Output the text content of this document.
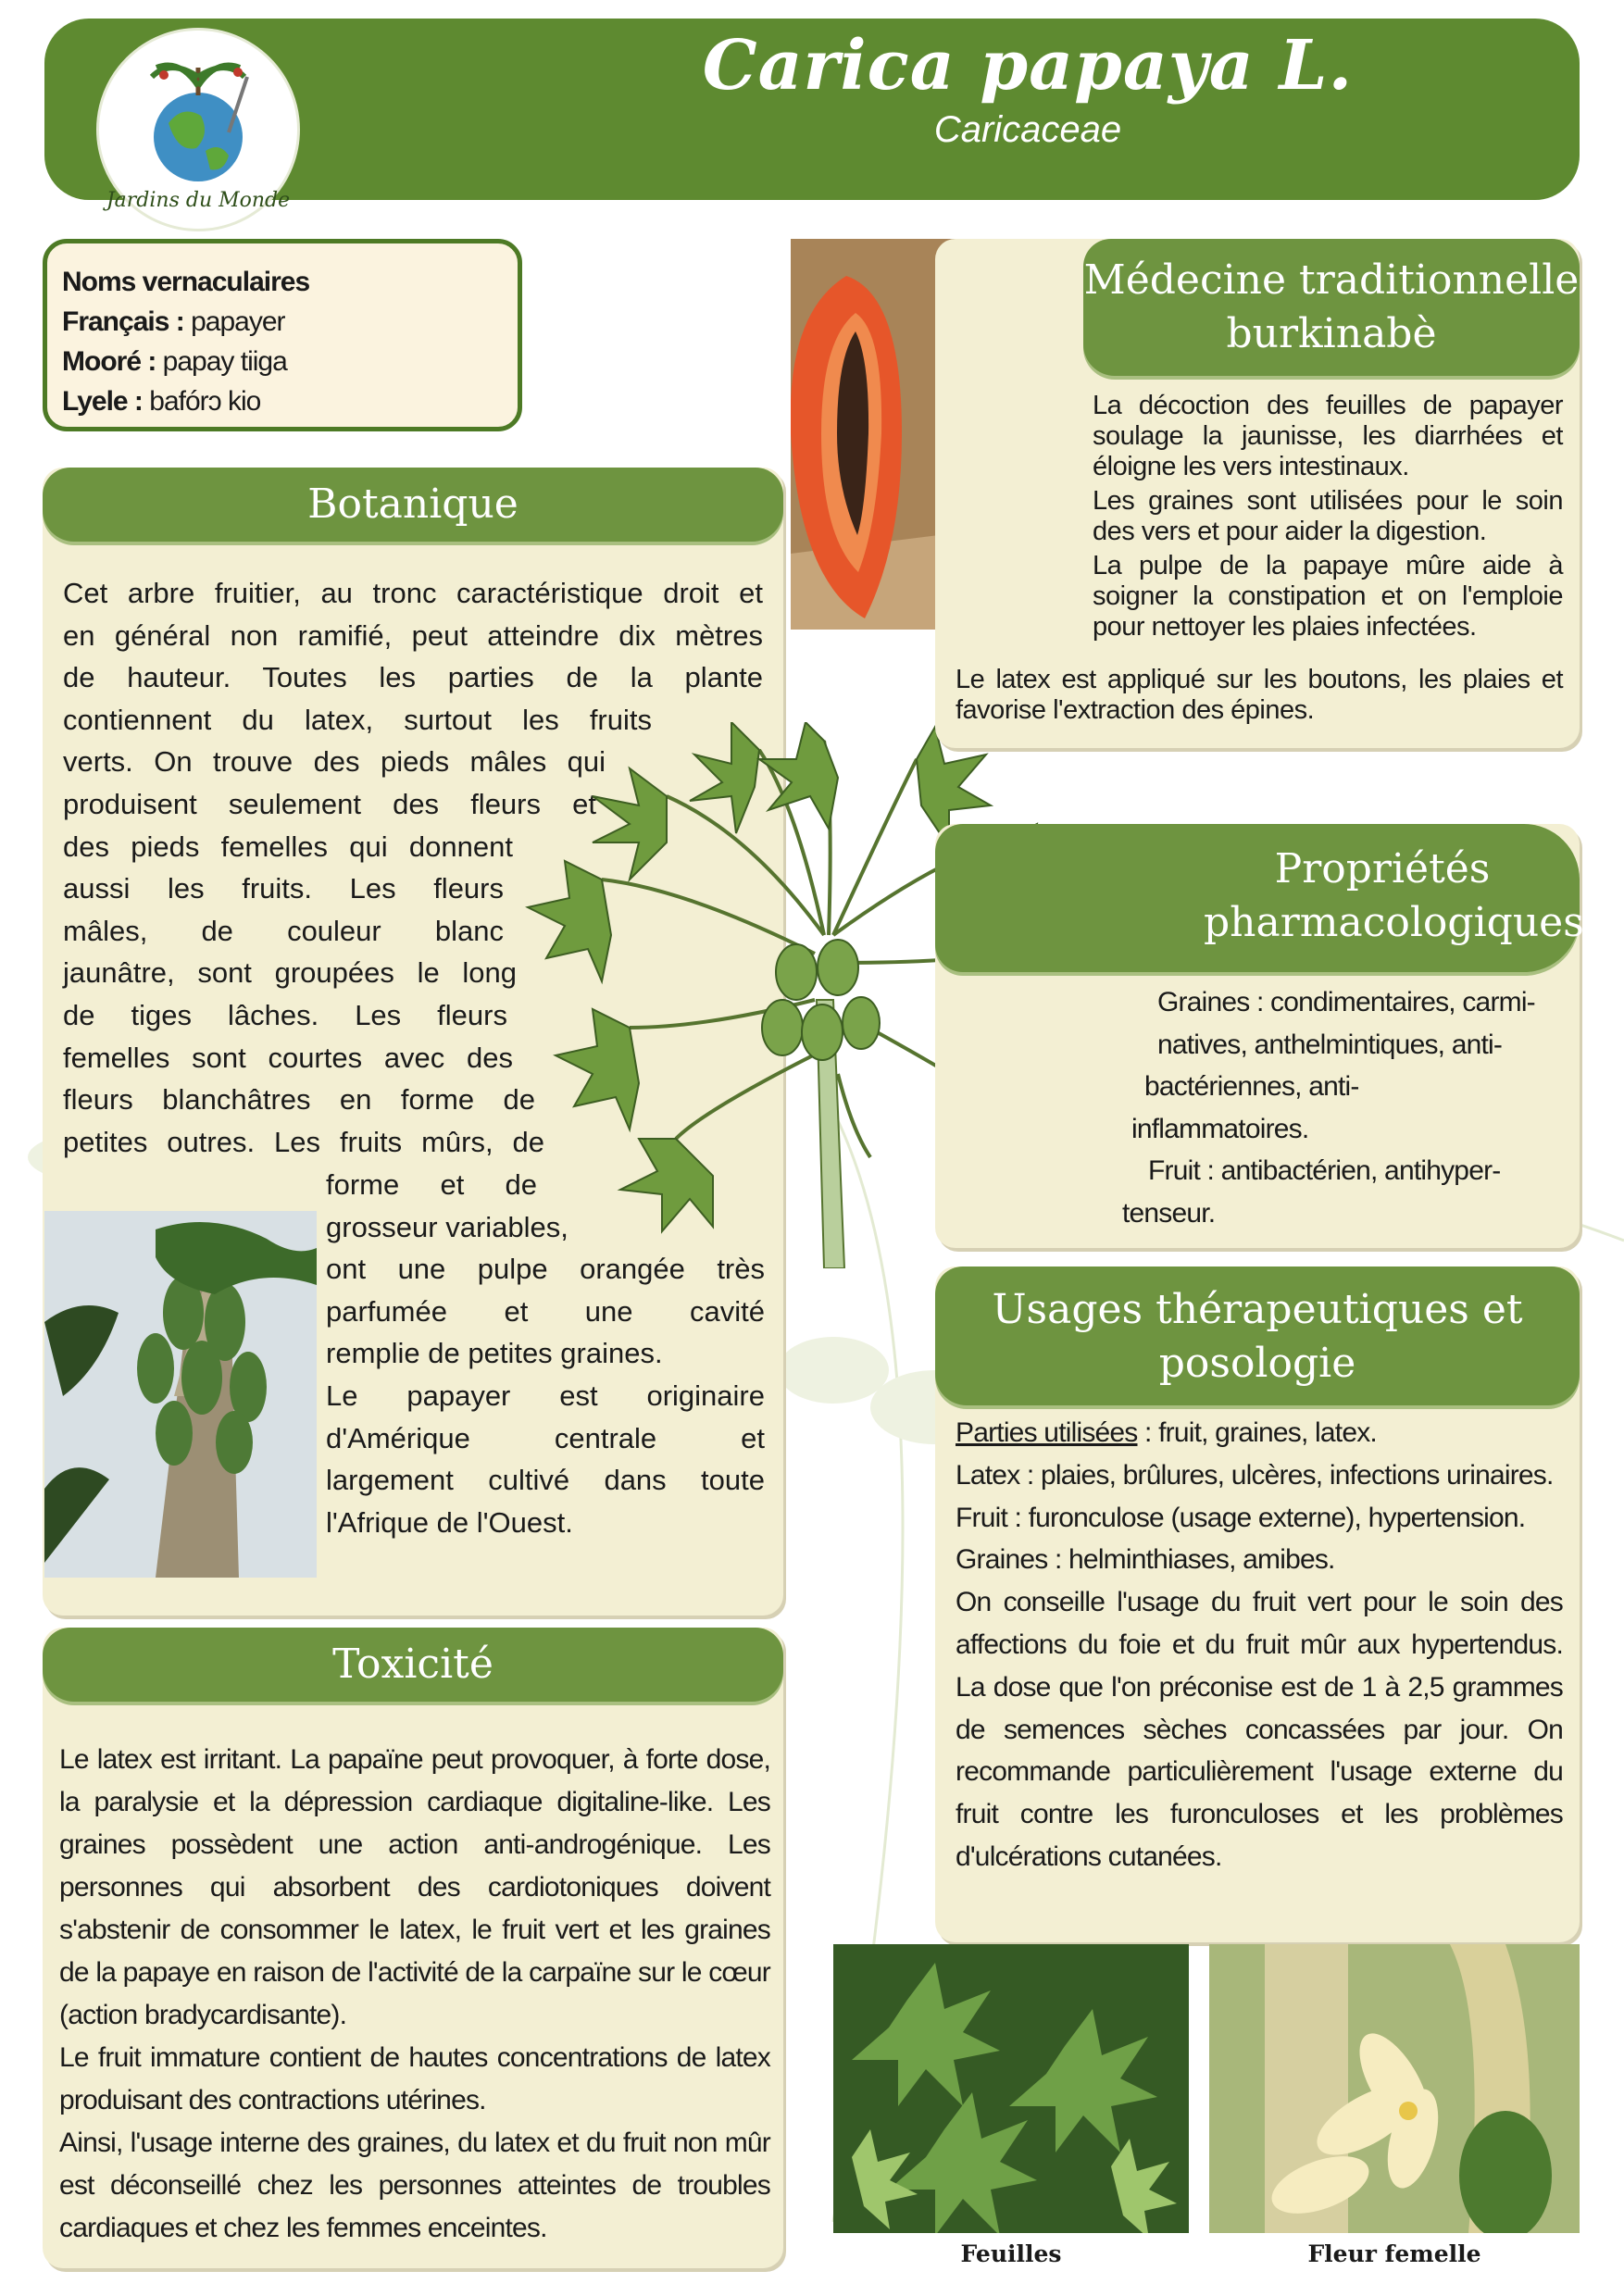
Jardins du Monde
Carica papaya L.
Caricaceae
Noms vernaculaires
Français : papayer
Mooré : papay tiiga
Lyele : bafórɔ kio
Botanique
Cet arbre fruitier, au tronc caractéristique droit et
en général non ramifié, peut atteindre dix mètres
de hauteur. Toutes les parties de la plante
contiennent du latex, surtout les fruits
verts. On trouve des pieds mâles qui
produisent seulement des fleurs et
des pieds femelles qui donnent
aussi les fruits. Les fleurs
mâles, de couleur blanc
jaunâtre, sont groupées le long
de tiges lâches. Les fleurs
femelles sont courtes avec des
fleurs blanchâtres en forme de
petites outres. Les fruits mûrs, de
forme et de
grosseur variables,
ont une pulpe orangée très
parfumée et une cavité
remplie de petites graines.
Le papayer est originaire
d'Amérique centrale et
largement cultivé dans toute
l'Afrique de l'Ouest.
Toxicité

Le latex est irritant. La papaïne peut provoquer, à forte dose, la paralysie et la dépression cardiaque digitaline-like. Les graines possèdent une action anti-androgénique. Les personnes qui absorbent des cardiotoniques doivent s'abstenir de consommer le latex, le fruit vert et les graines de la papaye en raison de l'activité de la carpaïne sur le cœur (action bradycardisante).

Le fruit immature contient de hautes concentrations de latex produisant des contractions utérines.

Ainsi, l'usage interne des graines, du latex et du fruit non mûr est déconseillé chez les personnes atteintes de troubles cardiaques et chez les femmes enceintes.

Médecine traditionnelle
burkinabè

La décoction des feuilles de papayer soulage la jaunisse, les diarrhées et éloigne les vers intestinaux.

Les graines sont utilisées pour le soin des vers et pour aider la digestion.

La pulpe de la papaye mûre aide à soigner la constipation et on l'emploie pour nettoyer les plaies infectées.

Le latex est appliqué sur les boutons, les plaies et favorise l'extraction des épines.

Propriétés
pharmacologiques
Graines : condimentaires, carmi-
natives, anthelmintiques, anti-
bactériennes, anti-
inflammatoires.
Fruit : antibactérien, antihyper-
tenseur.
Usages thérapeutiques et
posologie
Parties utilisées : fruit, graines, latex.

Latex : plaies, brûlures, ulcères, infections urinaires.

Fruit : furonculose (usage externe), hypertension.

Graines : helminthiases, amibes.

On conseille l'usage du fruit vert pour le soin des affections du foie et du fruit mûr aux hypertendus. La dose que l'on préconise est de 1 à 2,5 grammes de semences sèches concassées par jour. On recommande particulièrement l'usage externe du fruit contre les furonculoses et les problèmes d'ulcérations cutanées.

Feuilles	Fleur femelle
